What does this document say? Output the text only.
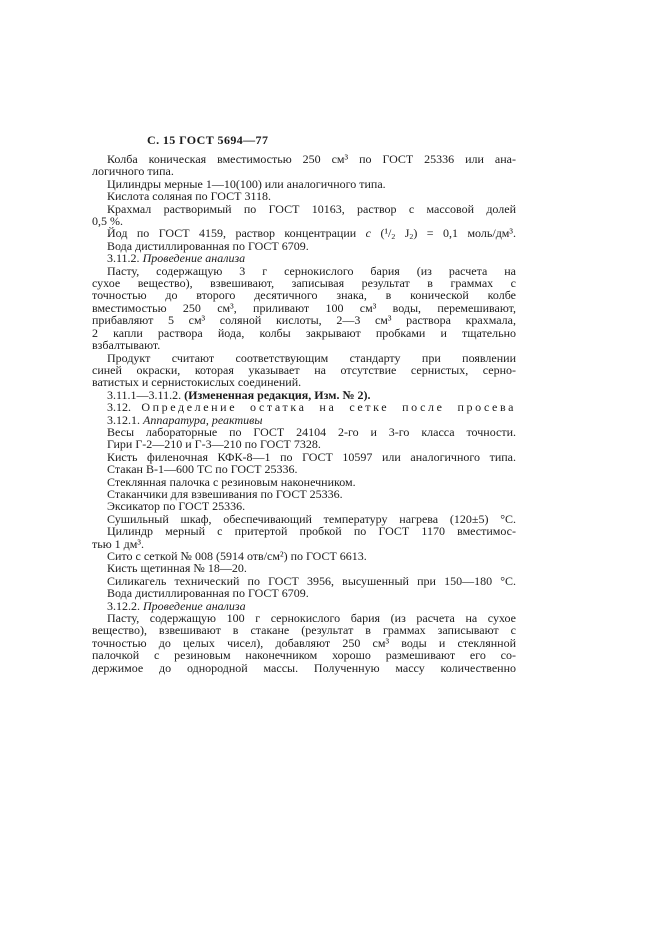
С. 15 ГОСТ 5694—77
Колба коническая вместимостью 250 см³ по ГОСТ 25336 или ана-
логичного типа.
Цилиндры мерные 1—10(100) или аналогичного типа.
Кислота соляная по ГОСТ 3118.
Крахмал растворимый по ГОСТ 10163, раствор с массовой долей
0,5 %.
Йод по ГОСТ 4159, раствор концентрации с (¹/2 J2) = 0,1 моль/дм³.
Вода дистиллированная по ГОСТ 6709.
3.11.2. Проведение анализа
Пасту, содержащую 3 г сернокислого бария (из расчета на
сухое вещество), взвешивают, записывая результат в граммах с
точностью до второго десятичного знака, в конической колбе
вместимостью 250 см³, приливают 100 см³ воды, перемешивают,
прибавляют 5 см³ соляной кислоты, 2—3 см³ раствора крахмала,
2 капли раствора йода, колбы закрывают пробками и тщательно
взбалтывают.
Продукт считают соответствующим стандарту при появлении
синей окраски, которая указывает на отсутствие сернистых, серно-
ватистых и сернистокислых соединений.
3.11.1—3.11.2. (Измененная редакция, Изм. № 2).
3.12. Определение остатка на сетке после просева
3.12.1. Аппаратура, реактивы
Весы лабораторные по ГОСТ 24104 2-го и 3-го класса точности.
Гири Г-2—210 и Г-3—210 по ГОСТ 7328.
Кисть филеночная КФК-8—1 по ГОСТ 10597 или аналогичного типа.
Стакан В-1—600 ТС по ГОСТ 25336.
Стеклянная палочка с резиновым наконечником.
Стаканчики для взвешивания по ГОСТ 25336.
Эксикатор по ГОСТ 25336.
Сушильный шкаф, обеспечивающий температуру нагрева (120±5) °С.
Цилиндр мерный с притертой пробкой по ГОСТ 1170 вместимос-
тью 1 дм³.
Сито с сеткой № 008 (5914 отв/см²) по ГОСТ 6613.
Кисть щетинная № 18—20.
Силикагель технический по ГОСТ 3956, высушенный при 150—180 °С.
Вода дистиллированная по ГОСТ 6709.
3.12.2. Проведение анализа
Пасту, содержащую 100 г сернокислого бария (из расчета на сухое
вещество), взвешивают в стакане (результат в граммах записывают с
точностью до целых чисел), добавляют 250 см³ воды и стеклянной
палочкой с резиновым наконечником хорошо размешивают его со-
держимое до однородной массы. Полученную массу количественно
